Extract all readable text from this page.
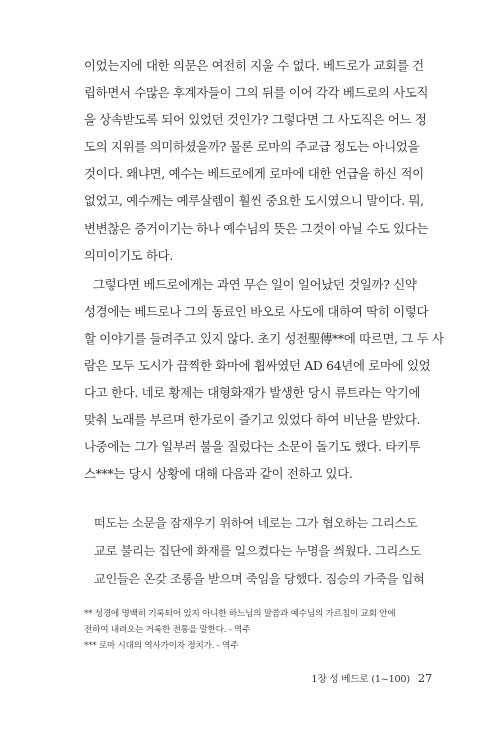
이었는지에 대한 의문은 여전히 지울 수 없다. 베드로가 교회를 건
립하면서 수많은 후계자들이 그의 뒤를 이어 각각 베드로의 사도직
을 상속받도록 되어 있었던 것인가? 그렇다면 그 사도직은 어느 정
도의 지위를 의미하셨을까? 물론 로마의 주교급 정도는 아니었을
것이다. 왜냐면, 예수는 베드로에게 로마에 대한 언급을 하신 적이
없었고, 예수께는 예루살렘이 훨씬 중요한 도시였으니 말이다. 뭐,
변변찮은 증거이기는 하나 예수님의 뜻은 그것이 아닐 수도 있다는
의미이기도 하다.
그렇다면 베드로에게는 과연 무슨 일이 일어났던 것일까? 신약
성경에는 베드로나 그의 동료인 바오로 사도에 대하여 딱히 이렇다
할 이야기를 들려주고 있지 않다. 초기 성전聖傳**에 따르면, 그 두 사
람은 모두 도시가 끔찍한 화마에 휩싸였던 AD 64년에 로마에 있었
다고 한다. 네로 황제는 대형화재가 발생한 당시 류트라는 악기에
맞춰 노래를 부르며 한가로이 즐기고 있었다 하여 비난을 받았다.
나중에는 그가 일부러 불을 질렀다는 소문이 돌기도 했다. 타키투
스***는 당시 상황에 대해 다음과 같이 전하고 있다.
떠도는 소문을 잠재우기 위하여 네로는 그가 혐오하는 그리스도
교로 불리는 집단에 화재를 일으켰다는 누명을 씌웠다. 그리스도
교인들은 온갖 조롱을 받으며 죽임을 당했다. 짐승의 가죽을 입혀
** 성경에 명백히 기록되어 있지 아니한 하느님의 말씀과 예수님의 가르침이 교회 안에
전하여 내려오는 거룩한 전통을 말한다. - 역주
*** 로마 시대의 역사가이자 정치가. - 역주
1장 성 베드로 (1~100) 27
